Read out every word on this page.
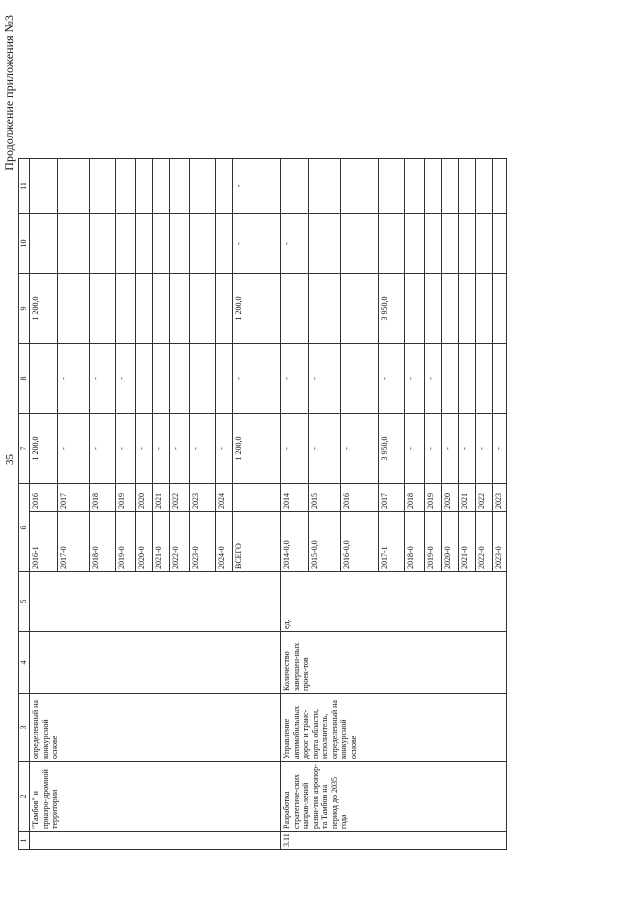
35
Продолжение приложения №3
1	2	3	4	5	6		7	8	9	10	11
	"Тамбов" и приаэро-дромной территории	определенный на конкурсной основе			2016-1	2016	1 200,0		1 200,0		
					2017-0	2017	-	-			
					2018-0	2018	-	-			
					2019-0	2019	-	-			
					2020-0	2020	-				
					2021-0	2021	-				
					2022-0	2022	-				
					2023-0	2023	-				
					2024-0	2024	-				
					ВСЕГО		1 200,0	-	1 200,0	-	-
3.11	Разработка стратегиче-ских направ-лений разви-тия аэропор-та Тамбов на период до 2035 года	Управление автомобильных дорог и транс-порта области, исполнитель, определенный на конкурсной основе	Количество завершен-ных проек-тов	ед.	2014-0,0	2014	-	-		-	
					2015-0,0	2015	-	-			
					2016-0,0	2016	-				
					2017-1	2017	3 950,0	-	3 950,0		
					2018-0	2018	-	-			
					2019-0	2019	-	-			
					2020-0	2020	-				
					2021-0	2021	-				
					2022-0	2022	-				
					2023-0	2023	-				
